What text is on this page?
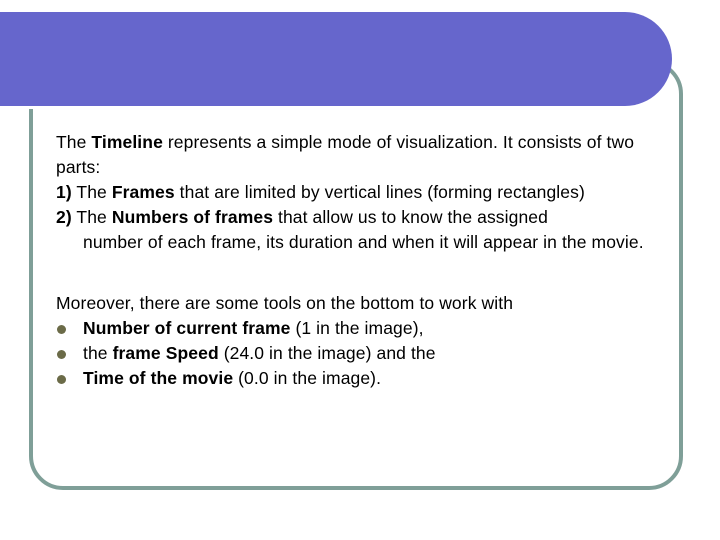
The Timeline represents a simple mode of visualization. It consists of two parts:

1) The Frames that are limited by vertical lines (forming rectangles)

2) The Numbers of frames that allow us to know the assigned

number of each frame, its duration and when it will appear in the movie.

Moreover, there are some tools on the bottom to work with

Number of current frame (1 in the image),

the frame Speed (24.0 in the image) and the

Time of the movie (0.0 in the image).
